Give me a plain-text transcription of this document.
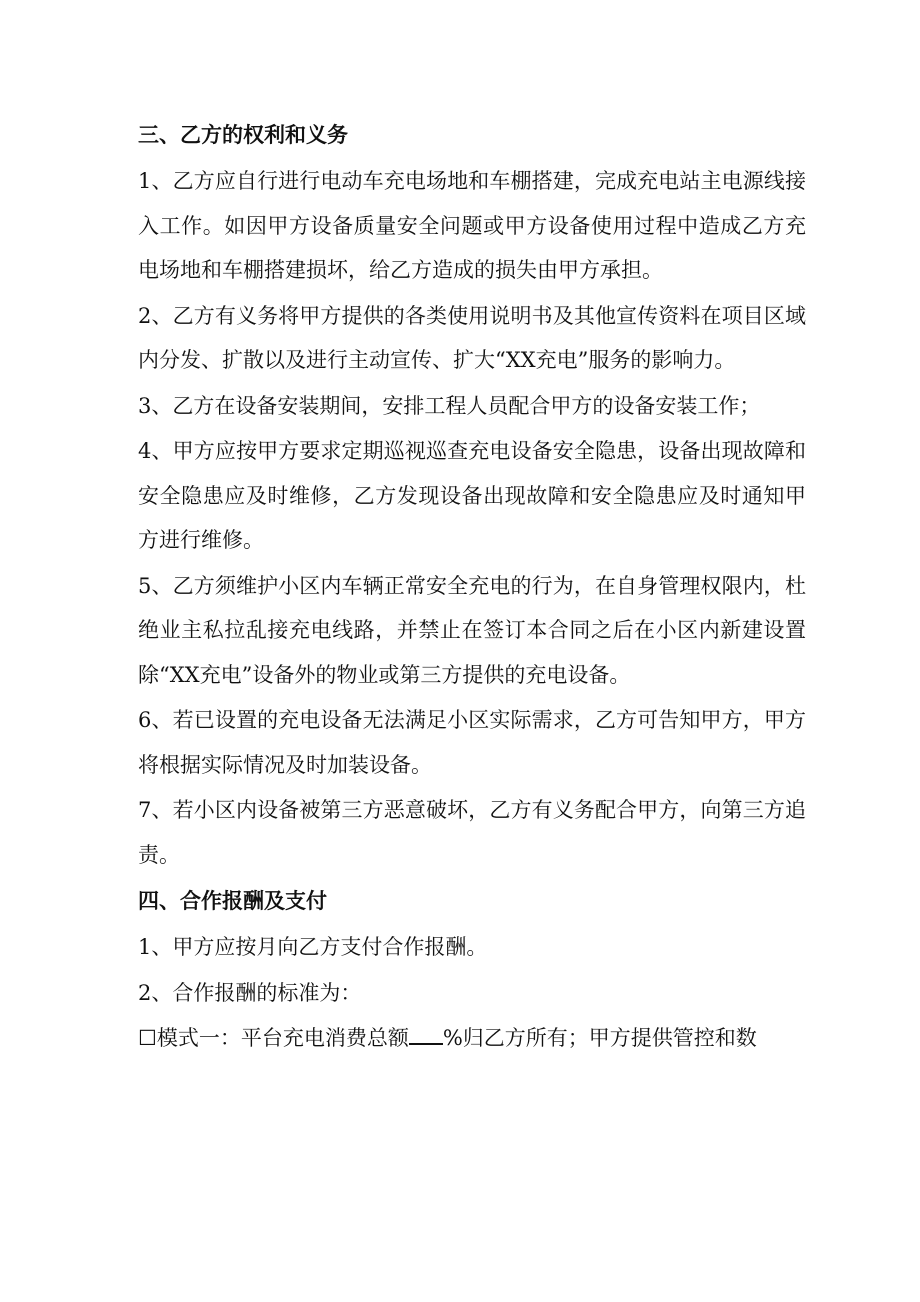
三、乙方的权利和义务

1、乙方应自行进行电动车充电场地和车棚搭建，完成充电站主电源线接入工作。如因甲方设备质量安全问题或甲方设备使用过程中造成乙方充电场地和车棚搭建损坏，给乙方造成的损失由甲方承担。

2、乙方有义务将甲方提供的各类使用说明书及其他宣传资料在项目区域内分发、扩散以及进行主动宣传、扩大“XX充电”服务的影响力。

3、乙方在设备安装期间，安排工程人员配合甲方的设备安装工作；

4、甲方应按甲方要求定期巡视巡查充电设备安全隐患，设备出现故障和安全隐患应及时维修，乙方发现设备出现故障和安全隐患应及时通知甲方进行维修。

5、乙方须维护小区内车辆正常安全充电的行为，在自身管理权限内，杜绝业主私拉乱接充电线路，并禁止在签订本合同之后在小区内新建设置除“XX充电”设备外的物业或第三方提供的充电设备。

6、若已设置的充电设备无法满足小区实际需求，乙方可告知甲方，甲方将根据实际情况及时加装设备。

7、若小区内设备被第三方恶意破坏，乙方有义务配合甲方，向第三方追责。

四、合作报酬及支付

1、甲方应按月向乙方支付合作报酬。

2、合作报酬的标准为：

☐模式一：平台充电消费总额 %归乙方所有；甲方提供管控和数
